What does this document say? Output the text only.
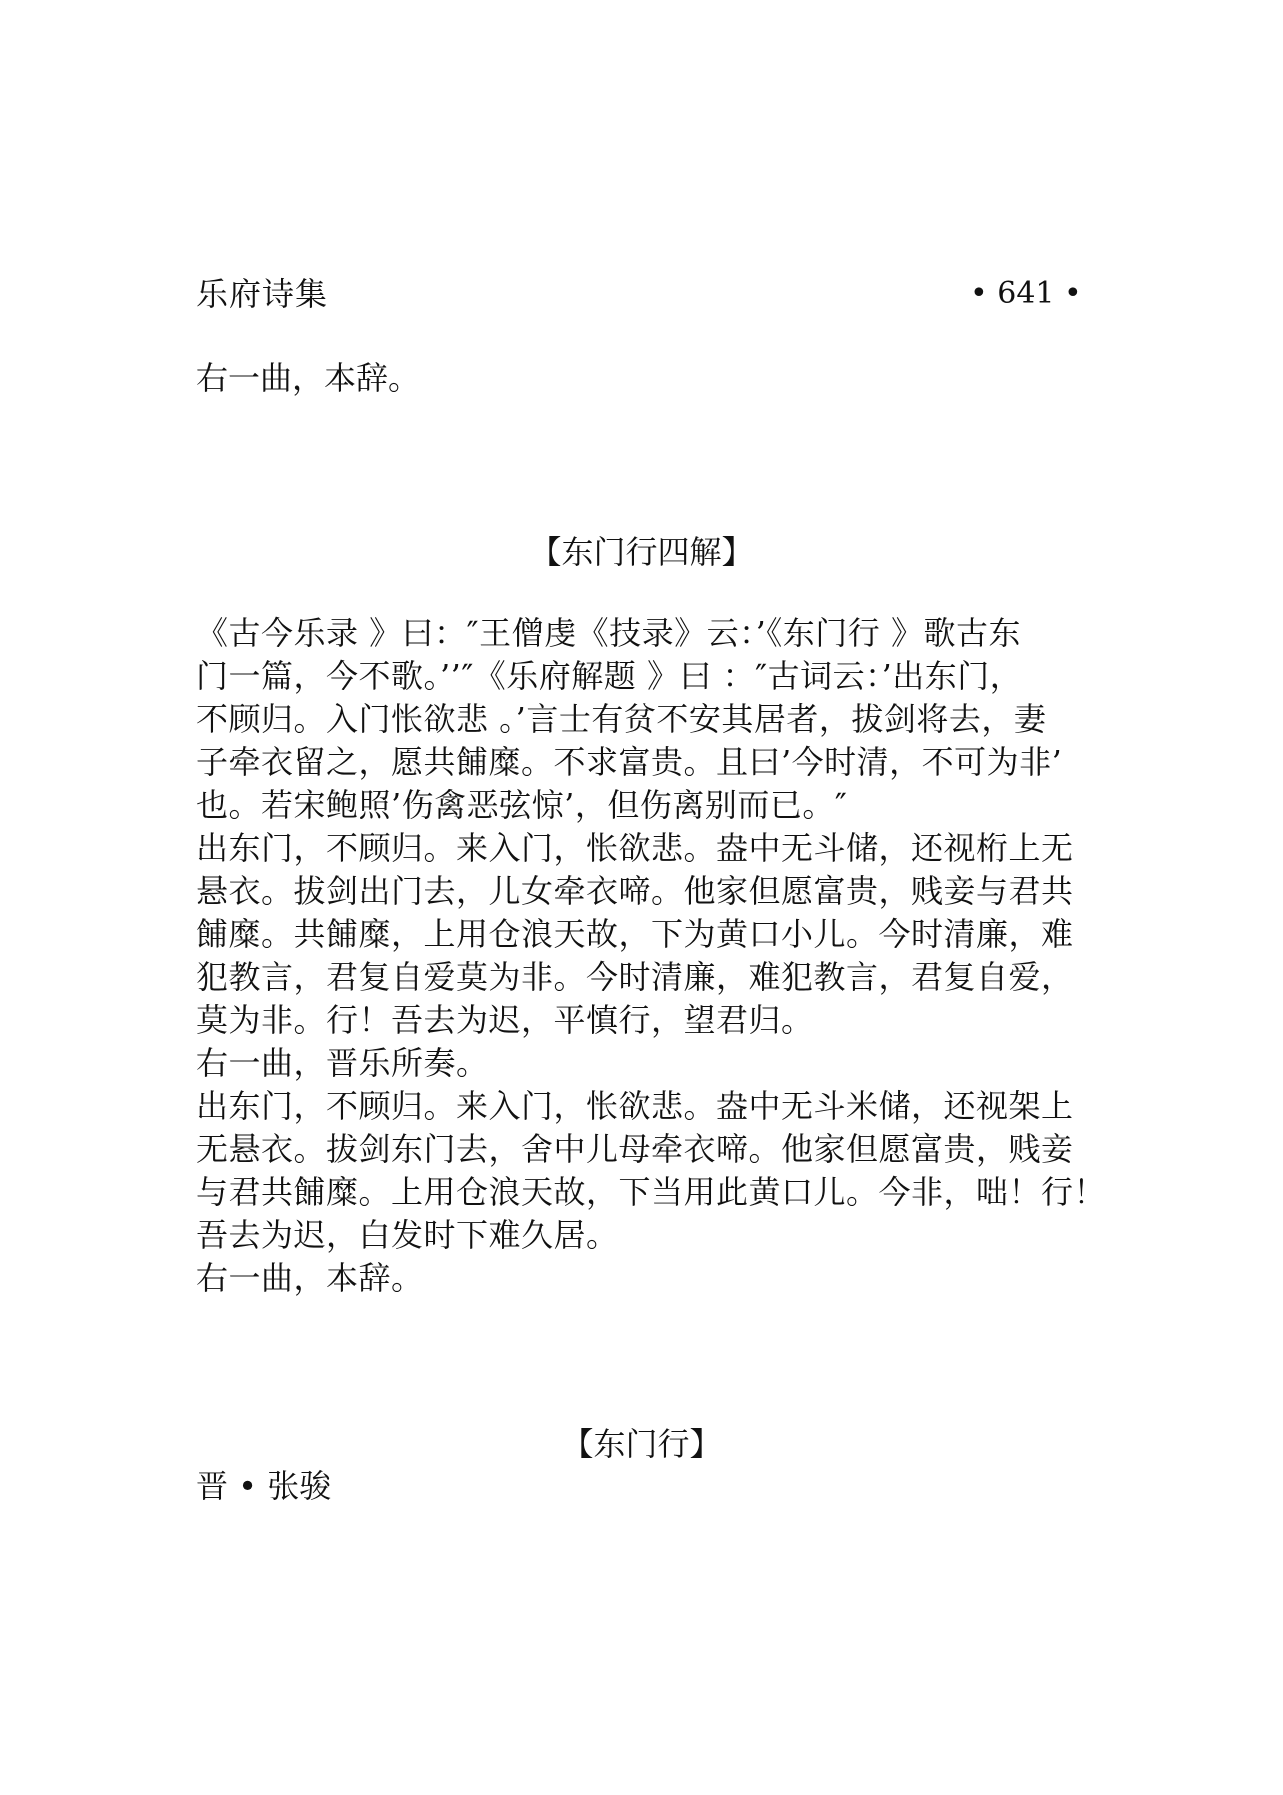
乐府诗集	• 641 •
右一曲，本辞。
【东门行四解】
《古今乐录 》曰：″王僧虔《技录》云：’《东门行 》歌古东
门一篇，今不歌。’’″《乐府解题 》曰 ：″古词云：’出东门，
不顾归。入门怅欲悲 。’言士有贫不安其居者，拔剑将去，妻
子牵衣留之，愿共餔糜。不求富贵。且曰’今时清，不可为非’
也。若宋鲍照’伤禽恶弦惊’，但伤离别而已。″
出东门，不顾归。来入门，怅欲悲。盎中无斗储，还视桁上无
悬衣。拔剑出门去，儿女牵衣啼。他家但愿富贵，贱妾与君共
餔糜。共餔糜，上用仓浪天故，下为黄口小儿。今时清廉，难
犯教言，君复自爱莫为非。今时清廉，难犯教言，君复自爱，
莫为非。行！吾去为迟，平慎行，望君归。
右一曲，晋乐所奏。
出东门，不顾归。来入门，怅欲悲。盎中无斗米储，还视架上
无悬衣。拔剑东门去，舍中儿母牵衣啼。他家但愿富贵，贱妾
与君共餔糜。上用仓浪天故，下当用此黄口儿。今非，咄！行！
吾去为迟，白发时下难久居。
右一曲，本辞。
【东门行】
晋 • 张骏
